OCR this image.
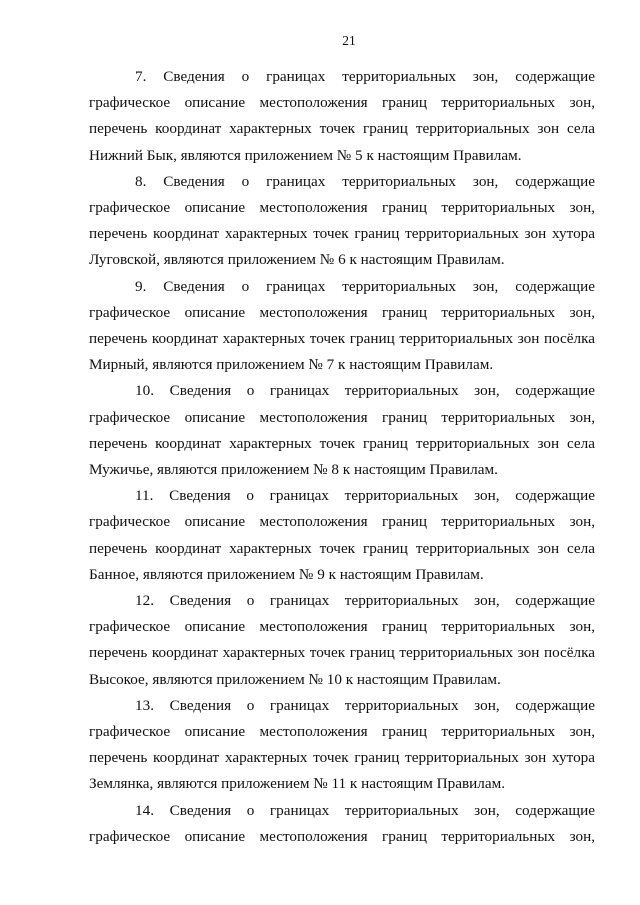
21

7. Сведения о границах территориальных зон, содержащие графическое описание местоположения границ территориальных зон, перечень координат характерных точек границ территориальных зон села Нижний Бык, являются приложением № 5 к настоящим Правилам.

8. Сведения о границах территориальных зон, содержащие графическое описание местоположения границ территориальных зон, перечень координат характерных точек границ территориальных зон хутора Луговской, являются приложением № 6 к настоящим Правилам.

9. Сведения о границах территориальных зон, содержащие графическое описание местоположения границ территориальных зон, перечень координат характерных точек границ территориальных зон посёлка Мирный, являются приложением № 7 к настоящим Правилам.

10. Сведения о границах территориальных зон, содержащие графическое описание местоположения границ территориальных зон, перечень координат характерных точек границ территориальных зон села Мужичье, являются приложением № 8 к настоящим Правилам.

11. Сведения о границах территориальных зон, содержащие графическое описание местоположения границ территориальных зон, перечень координат характерных точек границ территориальных зон села Банное, являются приложением № 9 к настоящим Правилам.

12. Сведения о границах территориальных зон, содержащие графическое описание местоположения границ территориальных зон, перечень координат характерных точек границ территориальных зон посёлка Высокое, являются приложением № 10 к настоящим Правилам.

13. Сведения о границах территориальных зон, содержащие графическое описание местоположения границ территориальных зон, перечень координат характерных точек границ территориальных зон хутора Землянка, являются приложением № 11 к настоящим Правилам.

14. Сведения о границах территориальных зон, содержащие графическое описание местоположения границ территориальных зон,
